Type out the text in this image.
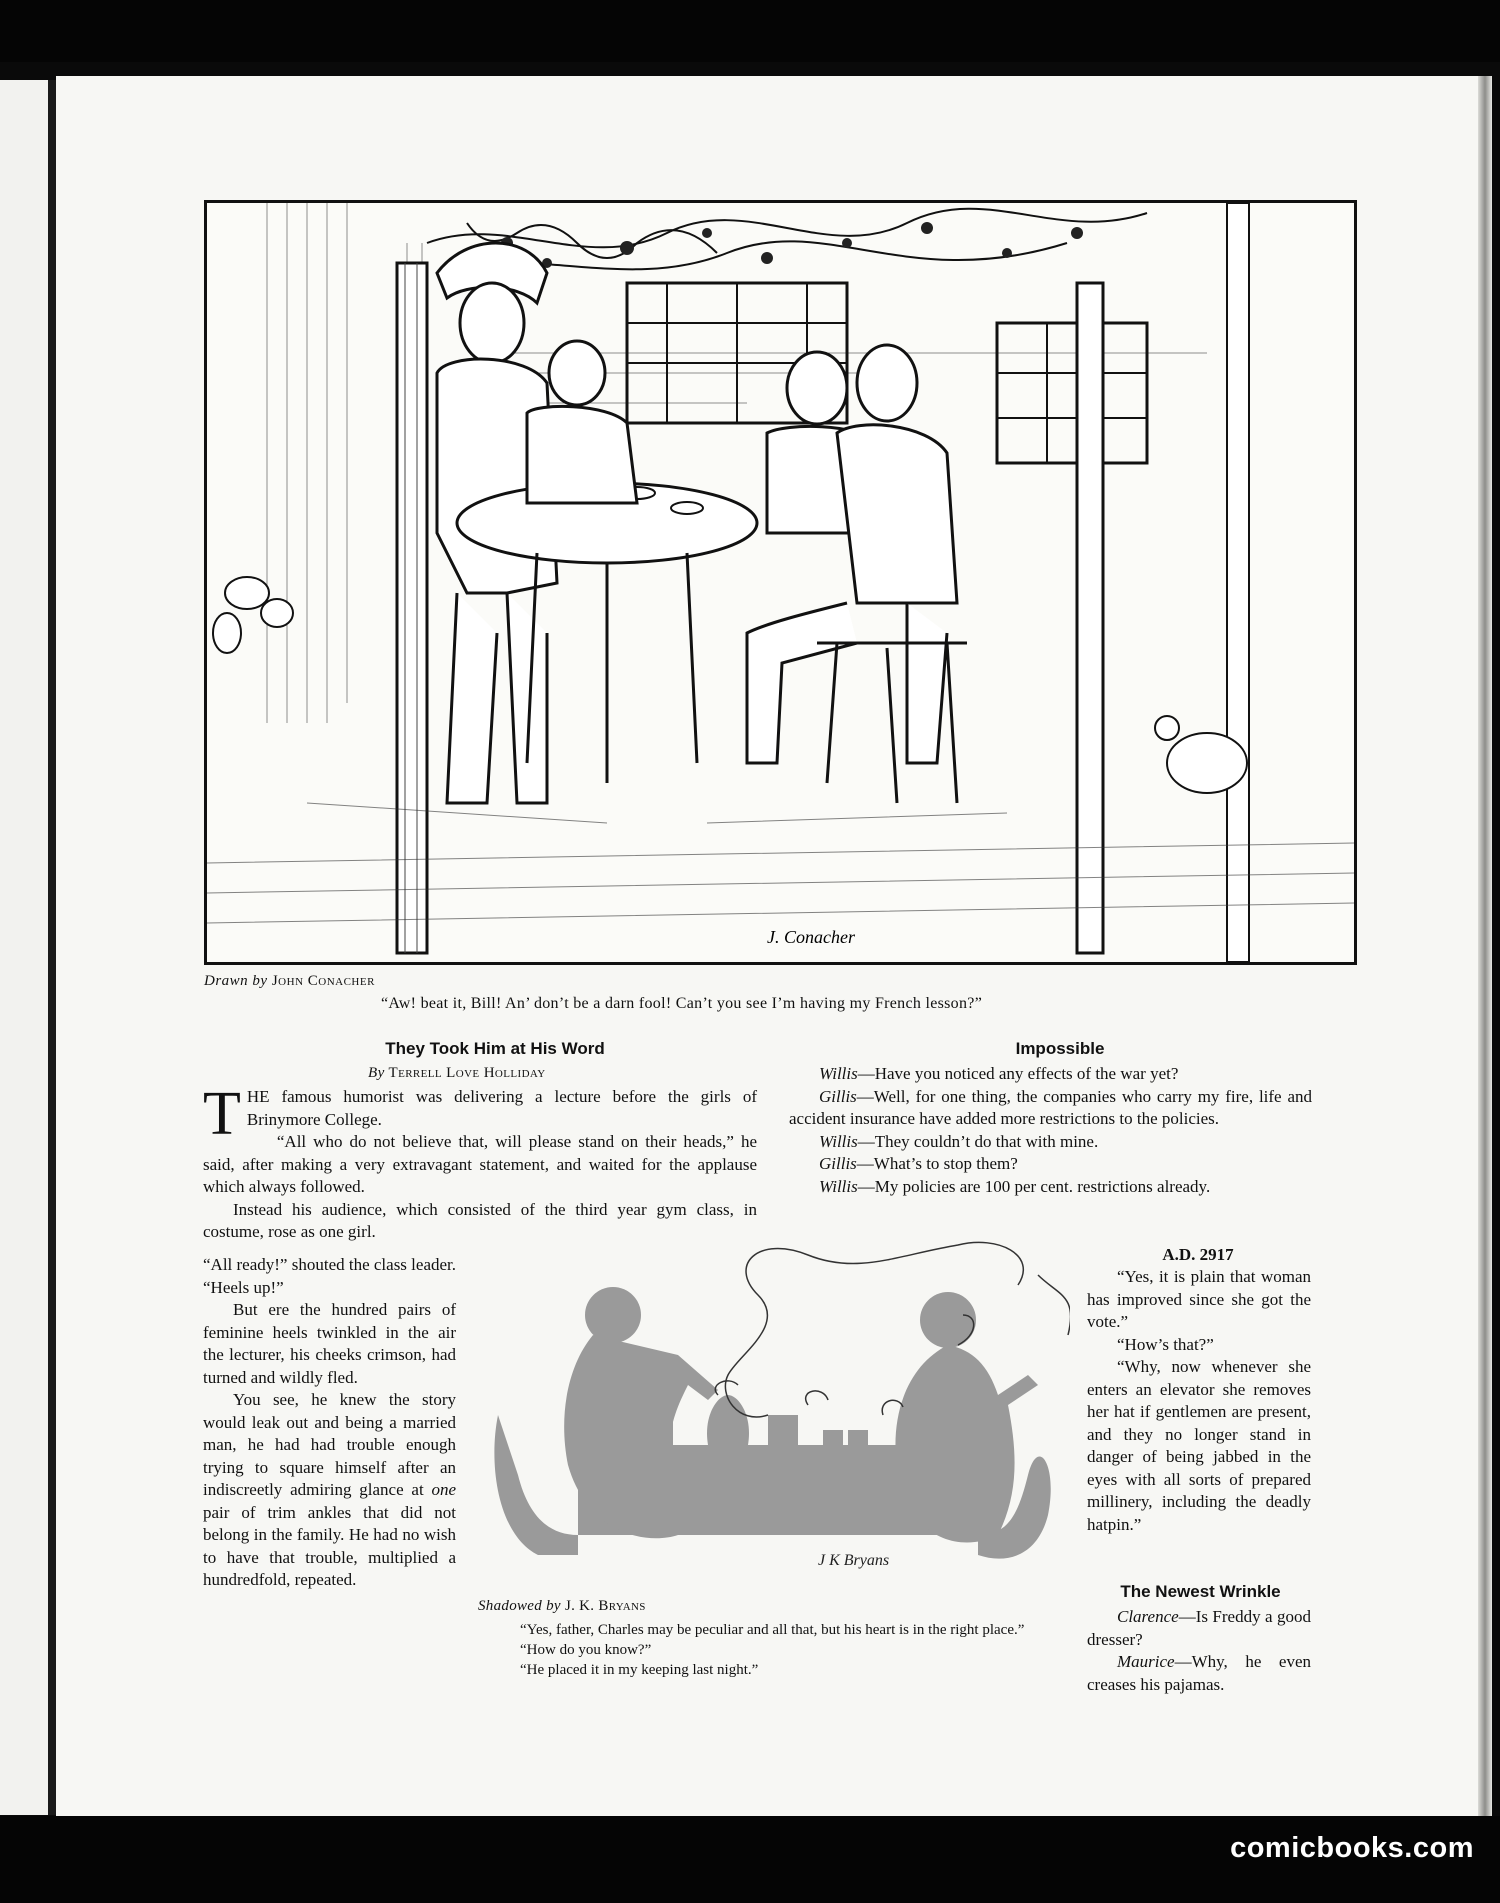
J. Conacher
Drawn by John Conacher
“Aw! beat it, Bill! An’ don’t be a darn fool! Can’t you see I’m having my French lesson?”
They Took Him at His Word
By Terrell Love Holliday

THE famous humorist was delivering a lecture before the girls of Brinymore College.

“All who do not believe that, will please stand on their heads,” he said, after making a very extravagant statement, and waited for the applause which always followed.

Instead his audience, which consisted of the third year gym class, in costume, rose as one girl.

“All ready!” shouted the class leader. “Heels up!”

But ere the hundred pairs of feminine heels twinkled in the air the lecturer, his cheeks crimson, had turned and wildly fled.

You see, he knew the story would leak out and being a married man, he had had trouble enough trying to square himself after an indiscreetly admiring glance at one pair of trim ankles that did not belong in the family. He had no wish to have that trouble, multiplied a hundredfold, repeated.

Impossible

Willis—Have you noticed any effects of the war yet?

Gillis—Well, for one thing, the companies who carry my fire, life and accident insurance have added more restrictions to the policies.

Willis—They couldn’t do that with mine.

Gillis—What’s to stop them?

Willis—My policies are 100 per cent. restrictions already.

A.D. 2917

“Yes, it is plain that woman has improved since she got the vote.”

“How’s that?”

“Why, now whenever she enters an elevator she removes her hat if gentlemen are present, and they no longer stand in danger of being jabbed in the eyes with all sorts of prepared millinery, including the deadly hatpin.”

The Newest Wrinkle

Clarence—Is Freddy a good dresser?

Maurice—Why, he even creases his pajamas.

J K Bryans
Shadowed by J. K. Bryans

“Yes, father, Charles may be peculiar and all that, but his heart is in the right place.”

“How do you know?”

“He placed it in my keeping last night.”

comicbooks.com
